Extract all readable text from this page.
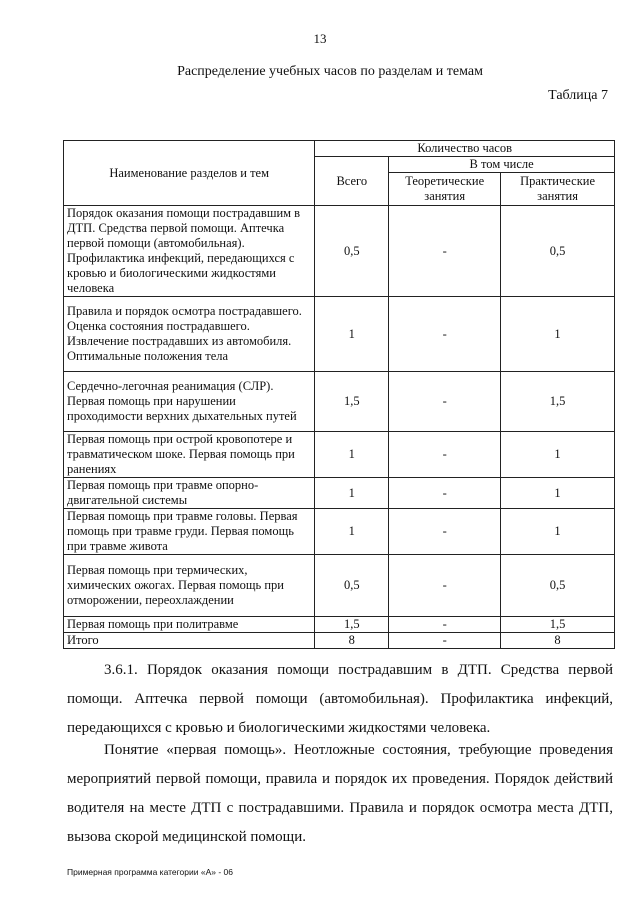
13
Распределение учебных часов по разделам и темам
Таблица 7
Наименование разделов и тем	Количество часов		
	Всего	В том числе	
		Теоретические занятия	Практические занятия
Порядок оказания помощи пострадавшим в ДТП. Средства первой помощи. Аптечка первой помощи (автомобильная). Профилактика инфекций, передающихся с кровью и биологическими жидкостями человека	0,5	-	0,5
Правила и порядок осмотра пострадавшего. Оценка состояния пострадавшего. Извлечение пострадавших из автомобиля. Оптимальные положения тела	1	-	1
Сердечно-легочная реанимация (СЛР). Первая помощь при нарушении проходимости верхних дыхательных путей	1,5	-	1,5
Первая помощь при острой кровопотере и травматическом шоке. Первая помощь при ранениях	1	-	1
Первая помощь при травме опорно-двигательной системы	1	-	1
Первая помощь при травме головы. Первая помощь при травме груди. Первая помощь при травме живота	1	-	1
Первая помощь при термических, химических ожогах. Первая помощь при отморожении, переохлаждении	0,5	-	0,5
Первая помощь при политравме	1,5	-	1,5
Итого	8	-	8

3.6.1. Порядок оказания помощи пострадавшим в ДТП. Средства первой помощи. Аптечка первой помощи (автомобильная). Профилактика инфекций, передающихся с кровью и биологическими жидкостями человека.

Понятие «первая помощь». Неотложные состояния, требующие проведения мероприятий первой помощи, правила и порядок их проведения. Порядок действий водителя на месте ДТП с пострадавшими. Правила и порядок осмотра места ДТП, вызова скорой медицинской помощи.

Примерная программа категории «А» - 06
